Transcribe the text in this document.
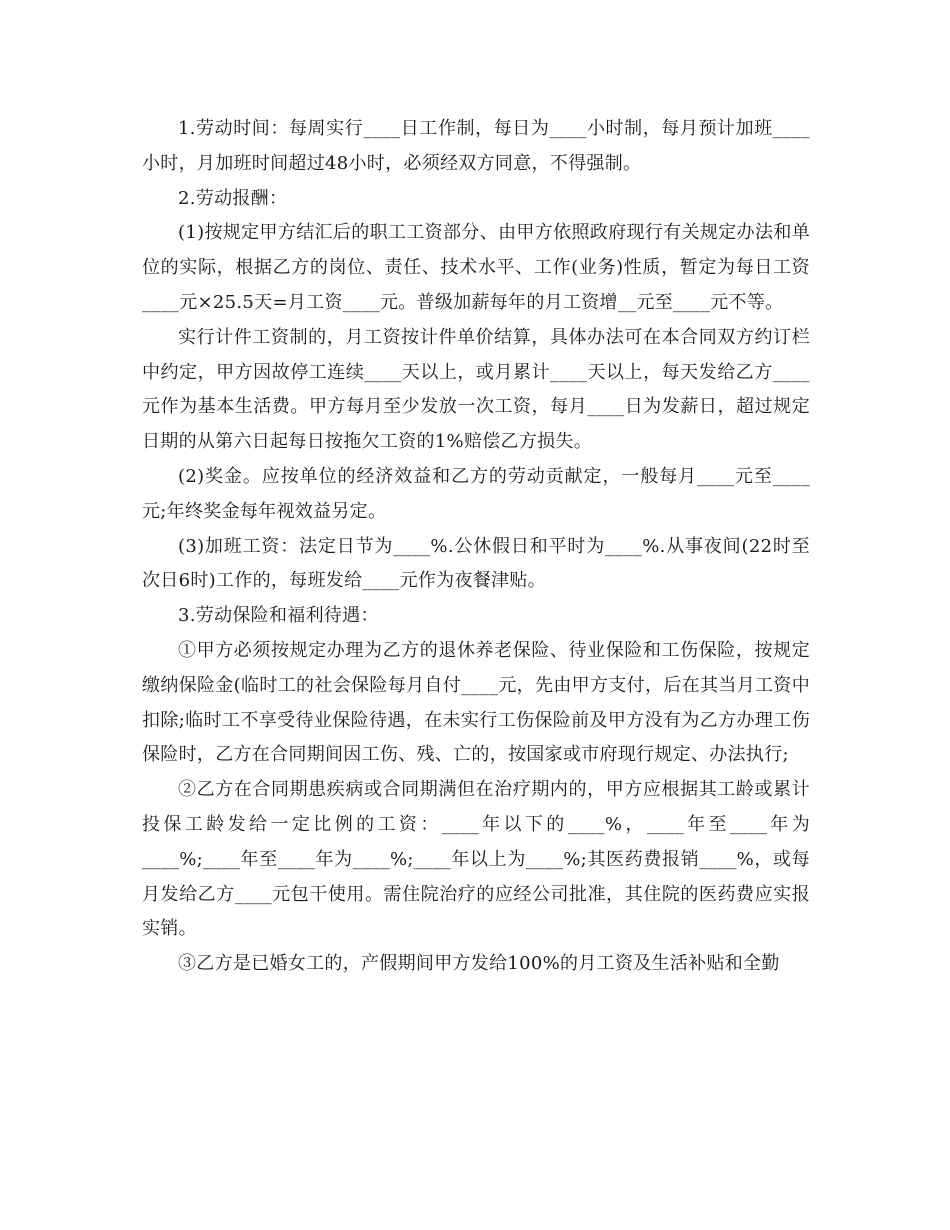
1.劳动时间：每周实行____日工作制，每日为____小时制，每月预计加班____小时，月加班时间超过48小时，必须经双方同意，不得强制。

2.劳动报酬：

(1)按规定甲方结汇后的职工工资部分、由甲方依照政府现行有关规定办法和单位的实际，根据乙方的岗位、责任、技术水平、工作(业务)性质，暂定为每日工资____元×25.5天=月工资____元。普级加薪每年的月工资增__元至____元不等。

实行计件工资制的，月工资按计件单价结算，具体办法可在本合同双方约订栏中约定，甲方因故停工连续____天以上，或月累计____天以上，每天发给乙方____元作为基本生活费。甲方每月至少发放一次工资，每月____日为发薪日，超过规定日期的从第六日起每日按拖欠工资的1%赔偿乙方损失。

(2)奖金。应按单位的经济效益和乙方的劳动贡献定，一般每月____元至____元;年终奖金每年视效益另定。

(3)加班工资：法定日节为____%.公休假日和平时为____%.从事夜间(22时至次日6时)工作的，每班发给____元作为夜餐津贴。

3.劳动保险和福利待遇：

①甲方必须按规定办理为乙方的退休养老保险、待业保险和工伤保险，按规定缴纳保险金(临时工的社会保险每月自付____元，先由甲方支付，后在其当月工资中扣除;临时工不享受待业保险待遇，在未实行工伤保险前及甲方没有为乙方办理工伤保险时，乙方在合同期间因工伤、残、亡的，按国家或市府现行规定、办法执行;

②乙方在合同期患疾病或合同期满但在治疗期内的，甲方应根据其工龄或累计投保工龄发给一定比例的工资：____年以下的____%，____年至____年为____%;____年至____年为____%;____年以上为____%;其医药费报销____%，或每月发给乙方____元包干使用。需住院治疗的应经公司批准，其住院的医药费应实报实销。

③乙方是已婚女工的，产假期间甲方发给100%的月工资及生活补贴和全勤
